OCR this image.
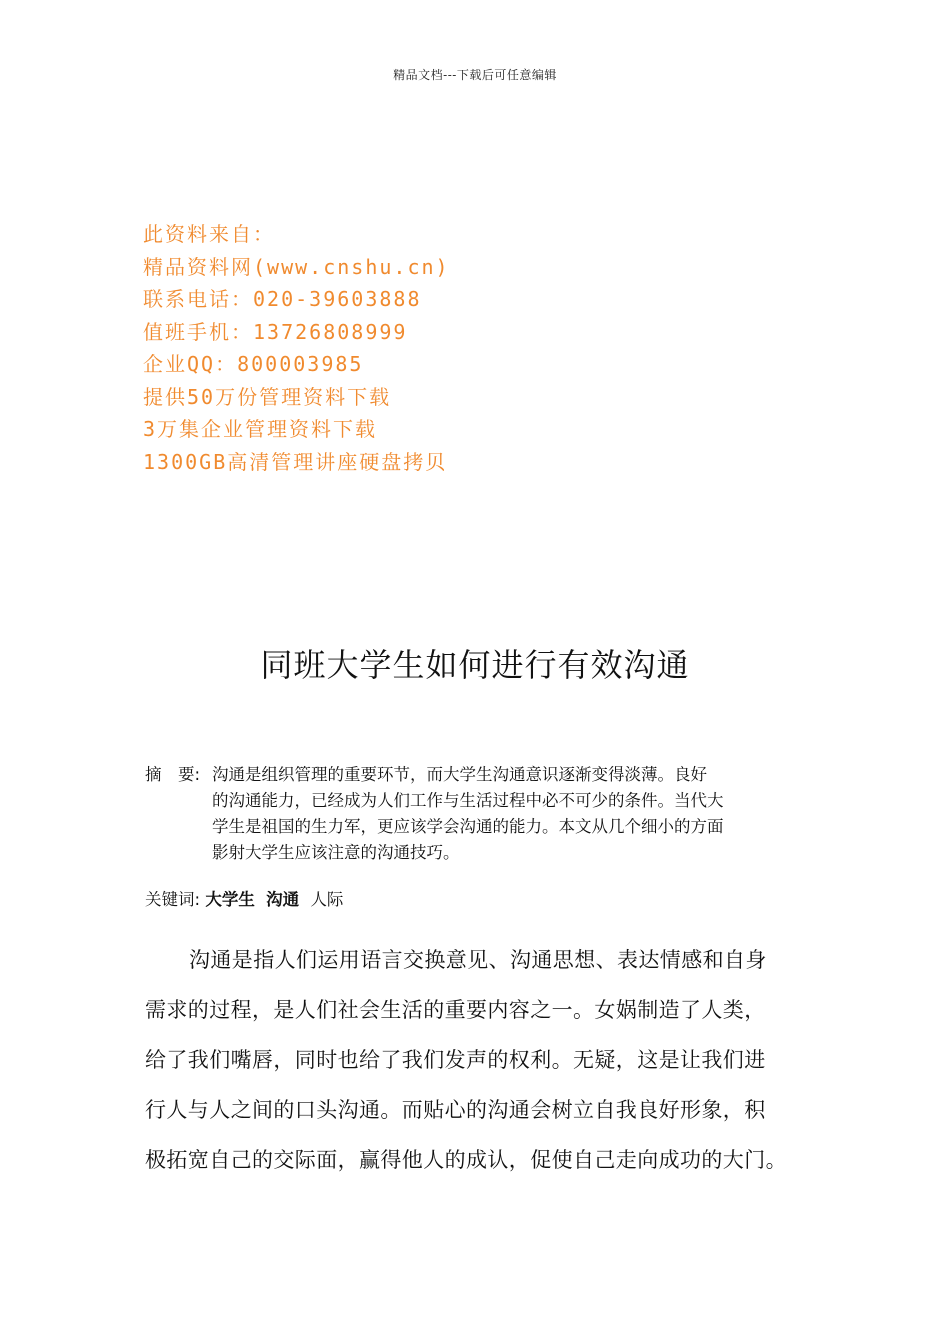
精品文档---下载后可任意编辑
此资料来自：
精品资料网(www.cnshu.cn)
联系电话：020-39603888
值班手机：13726808999
企业QQ：800003985
提供50万份管理资料下载
3万集企业管理资料下载
1300GB高清管理讲座硬盘拷贝
同班大学生如何进行有效沟通
摘　要: 沟通是组织管理的重要环节，而大学生沟通意识逐渐变得淡薄。良好
的沟通能力，已经成为人们工作与生活过程中必不可少的条件。当代大
学生是祖国的生力军，更应该学会沟通的能力。本文从几个细小的方面
影射大学生应该注意的沟通技巧。
关键词: 大学生 沟通 人际
沟通是指人们运用语言交换意见、沟通思想、表达情感和自身
需求的过程，是人们社会生活的重要内容之一。女娲制造了人类，
给了我们嘴唇，同时也给了我们发声的权利。无疑，这是让我们进
行人与人之间的口头沟通。而贴心的沟通会树立自我良好形象，积
极拓宽自己的交际面，赢得他人的成认，促使自己走向成功的大门。
